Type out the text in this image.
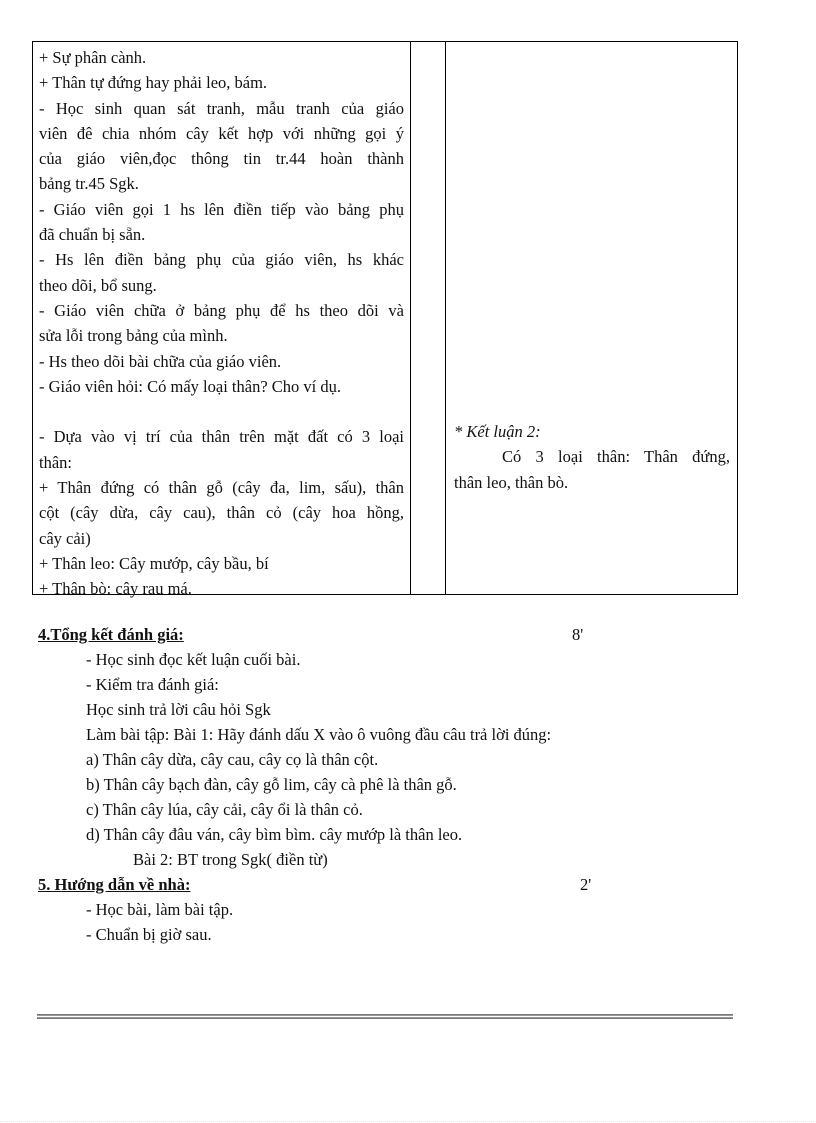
+ Sự phân cành.
+ Thân tự đứng hay phải leo, bám.
- Học sinh quan sát tranh, mẫu tranh của giáo
viên đê chia nhóm cây kết hợp với những gọi ý
của giáo viên,đọc thông tin tr.44 hoàn thành
bảng tr.45 Sgk.
- Giáo viên gọi 1 hs lên điền tiếp vào bảng phụ
đã chuẩn bị sẵn.
- Hs lên điền bảng phụ của giáo viên, hs khác
theo dõi, bổ sung.
- Giáo viên chữa ở bảng phụ để hs theo dõi và
sửa lỗi trong bảng của mình.
- Hs theo dõi bài chữa của giáo viên.
- Giáo viên hỏi: Có mấy loại thân? Cho ví dụ.
- Dựa vào vị trí của thân trên mặt đất có 3 loại
thân:
+ Thân đứng có thân gỗ (cây đa, lim, sấu), thân
cột (cây dừa, cây cau), thân cỏ (cây hoa hồng,
cây cải)
+ Thân leo: Cây mướp, cây bầu, bí
+ Thân bò: cây rau má.
* Kết luận 2:
Có 3 loại thân: Thân đứng,
thân leo, thân bò.
4.Tổng kết đánh giá:	8'
- Học sinh đọc kết luận cuối bài.
- Kiểm tra đánh giá:
Học sinh trả lời câu hỏi Sgk
Làm bài tập: Bài 1: Hãy đánh dấu X vào ô vuông đầu câu trả lời đúng:
a) Thân cây dừa, cây cau, cây cọ là thân cột.
b) Thân cây bạch đàn, cây gỗ lim, cây cà phê là thân gỗ.
c) Thân cây lúa, cây cải, cây ổi là thân cỏ.
d) Thân cây đâu ván, cây bìm bìm. cây mướp là thân leo.
Bài 2: BT trong Sgk( điền từ)
5. Hướng dẫn về nhà:	2'
- Học bài, làm bài tập.
- Chuẩn bị giờ sau.
